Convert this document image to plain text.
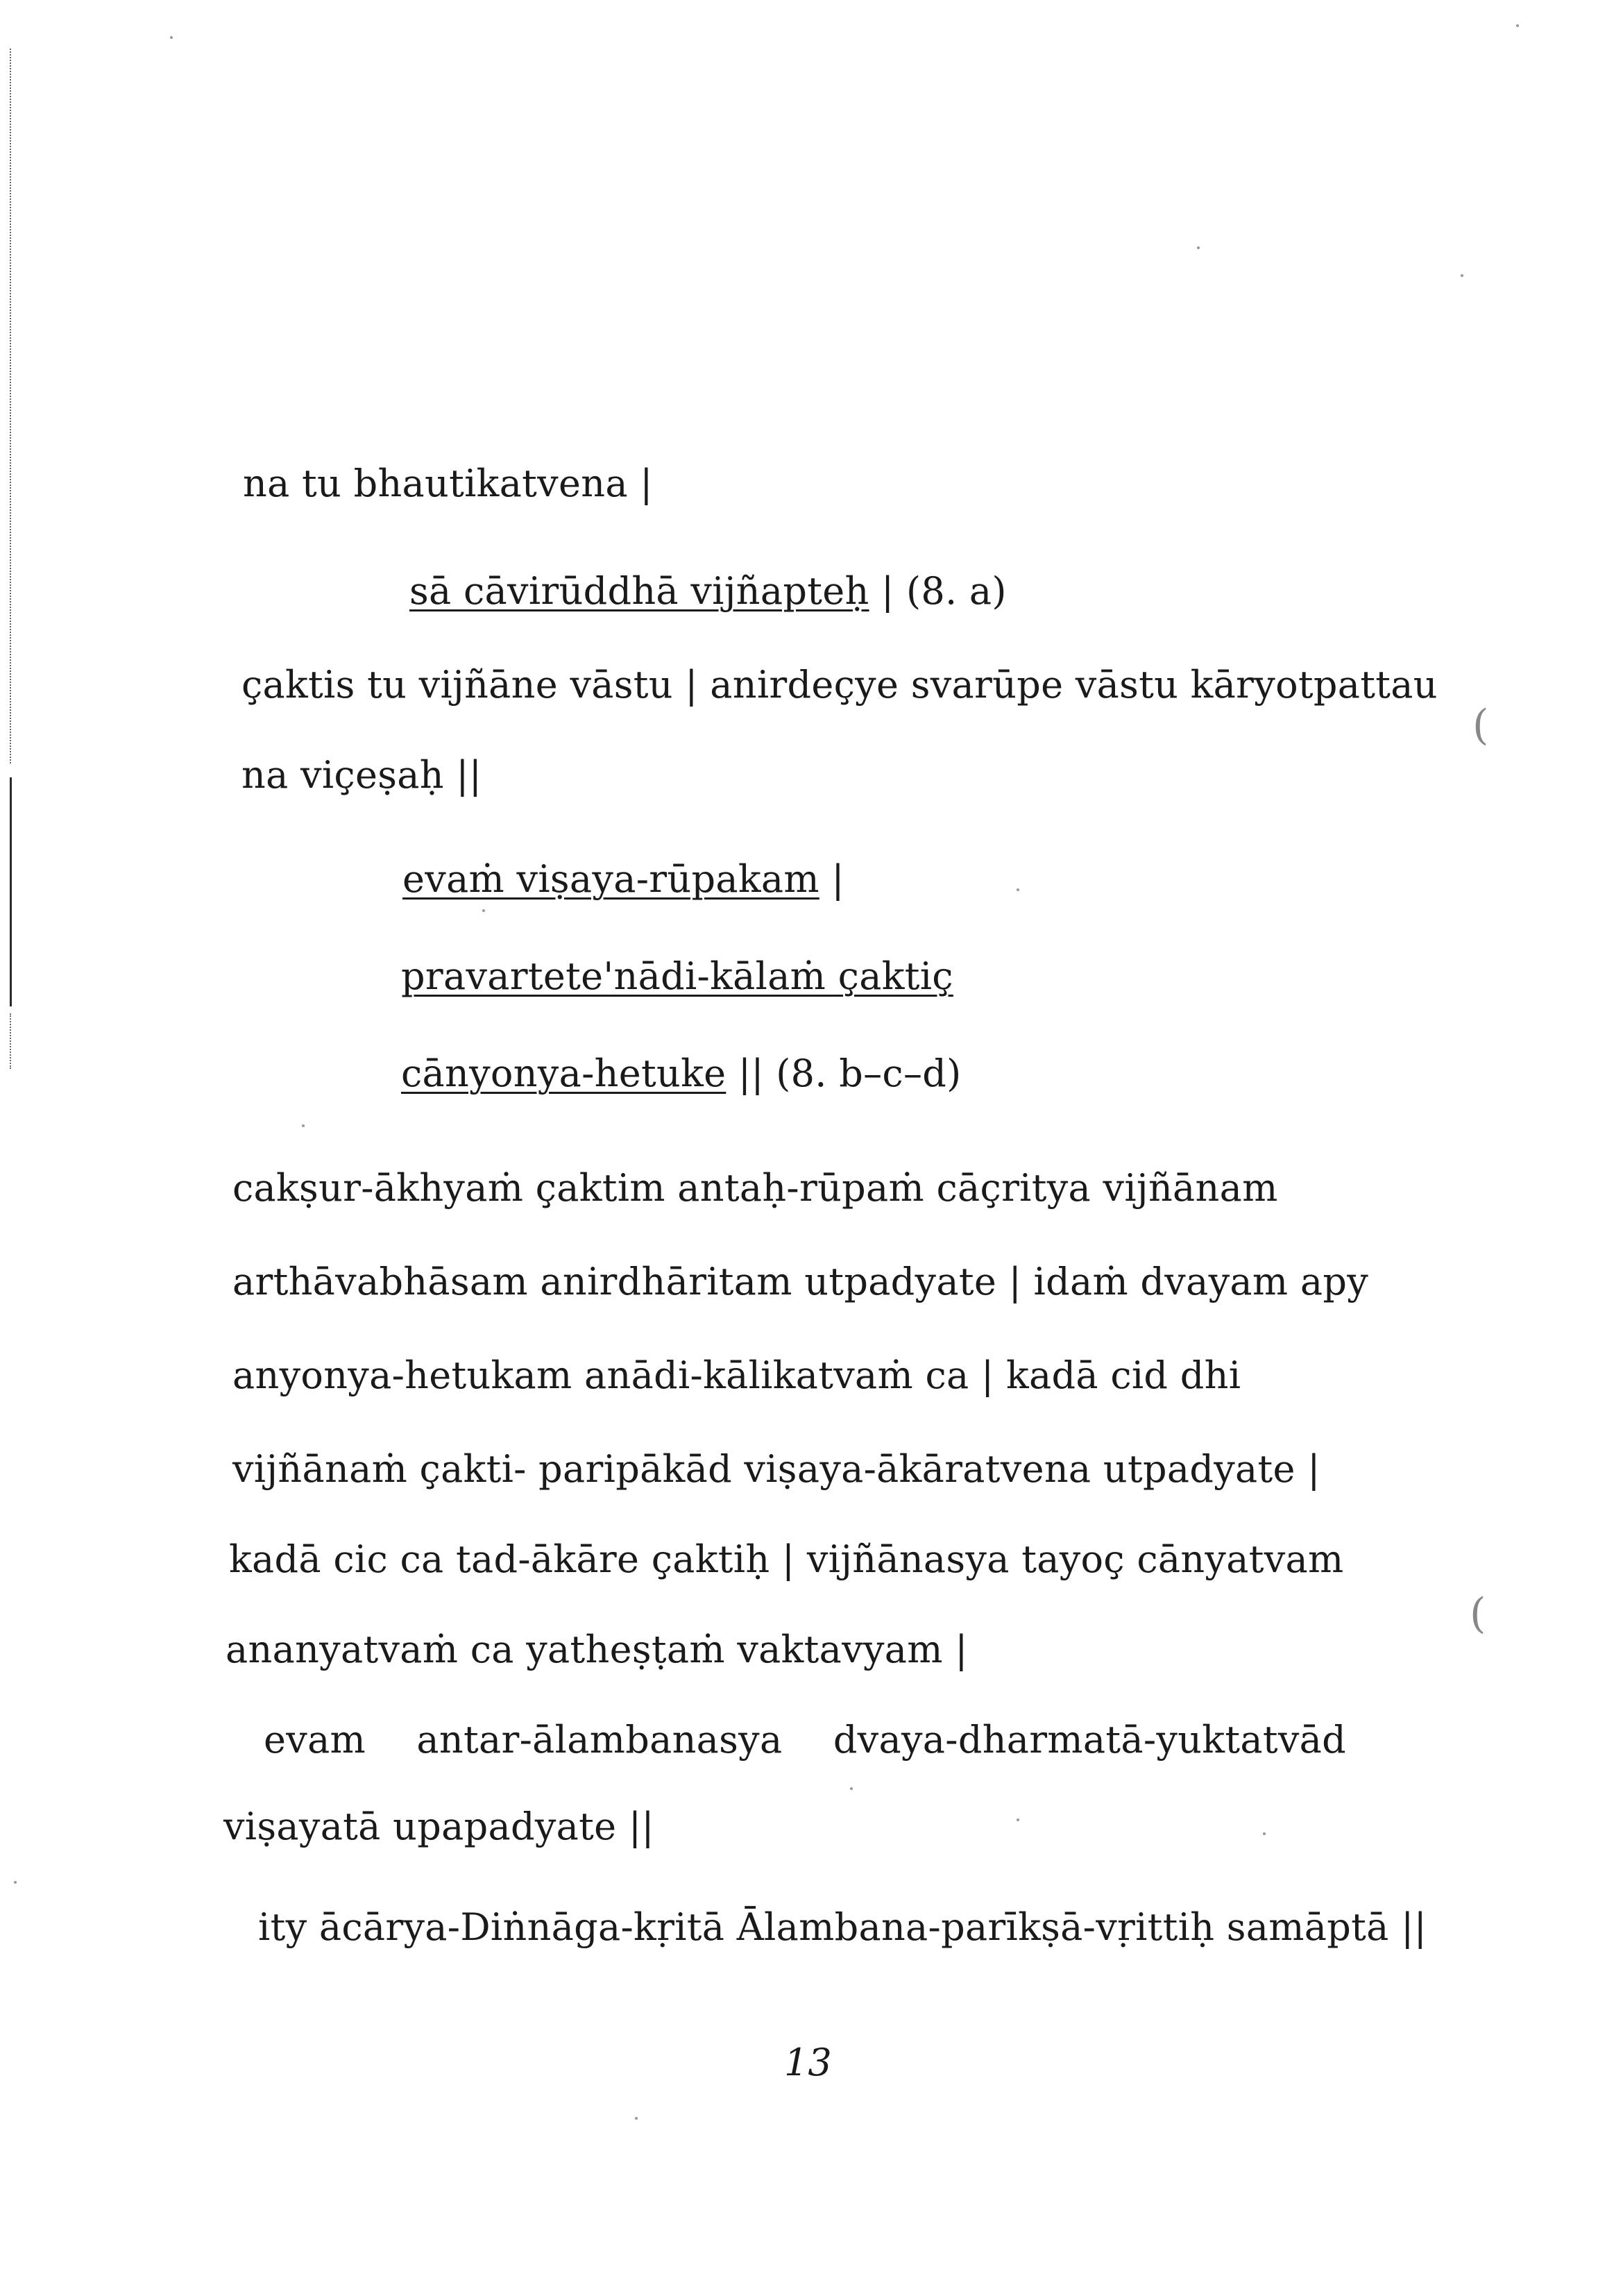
(
(
na tu bhautikatvena |
sā cāvirūddhā vijñapteḥ | (8. a)
çaktis tu vijñāne vāstu | anirdeçye svarūpe vāstu kāryotpattau
na viçeṣaḥ ||
evaṁ viṣaya-rūpakam |
pravartete'nādi-kālaṁ çaktiç
cānyonya-hetuke || (8. b–c–d)
cakṣur-ākhyaṁ çaktim antaḥ-rūpaṁ cāçritya vijñānam
arthāvabhāsam anirdhāritam utpadyate | idaṁ dvayam apy
anyonya-hetukam anādi-kālikatvaṁ ca | kadā cid dhi
vijñānaṁ çakti- paripākād viṣaya-ākāratvena utpadyate |
kadā cic ca tad-ākāre çaktiḥ | vijñānasya tayoç cānyatvam
ananyatvaṁ ca yatheṣṭaṁ vaktavyam |
evam antar-ālambanasya dvaya-dharmatā-yuktatvād
viṣayatā upapadyate ||
ity ācārya-Diṅnāga-kṛitā Ālambana-parīkṣā-vṛittiḥ samāptā ||
13
